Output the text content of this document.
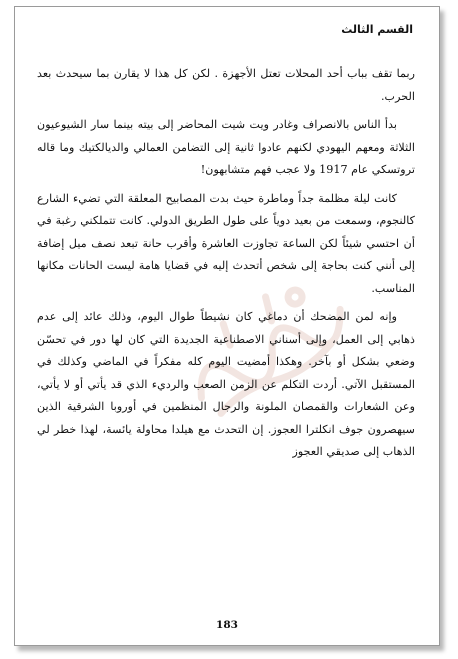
القسم الثالث

ربما تقف بباب أحد المحلات تعتل الأجهزة . لكن كل هذا لا يقارن بما سيحدث بعد الحرب.

بدأ الناس بالانصراف وغادر ويت شيت المحاضر إلى بيته بينما سار الشيوعيون الثلاثة ومعهم اليهودي لكنهم عادوا ثانية إلى التضامن العمالي والديالكتيك وما قاله تروتسكي عام 1917 ولا عجب فهم متشابهون!

كانت ليلة مظلمة جداً وماطرة حيث بدت المصابيح المعلقة التي تضيء الشارع كالنجوم، وسمعت من بعيد دوياً على طول الطريق الدولي. كانت تتملكني رغبة في أن احتسي شيئاً لكن الساعة تجاوزت العاشرة وأقرب حانة تبعد نصف ميل إضافة إلى أنني كنت بحاجة إلى شخص أتحدث إليه في قضايا هامة ليست الحانات مكانها المناسب.

وإنه لمن المضحك أن دماغي كان نشيطاً طوال اليوم، وذلك عائد إلى عدم ذهابي إلى العمل، وإلى أسناني الاصطناعية الجديدة التي كان لها دور في تحسّن وضعي بشكل أو بآخر. وهكذا أمضيت اليوم كله مفكراً في الماضي وكذلك في المستقبل الآتي. أردت التكلم عن الزمن الصعب والرديء الذي قد يأتي أو لا يأتي، وعن الشعارات والقمصان الملونة والرجال المنظمين في أوروبا الشرقية الذين سيهصرون جوف انكلترا العجوز. إن التحدث مع هيلدا محاولة يائسة، لهذا خطر لي الذهاب إلى صديقي العجوز

183
